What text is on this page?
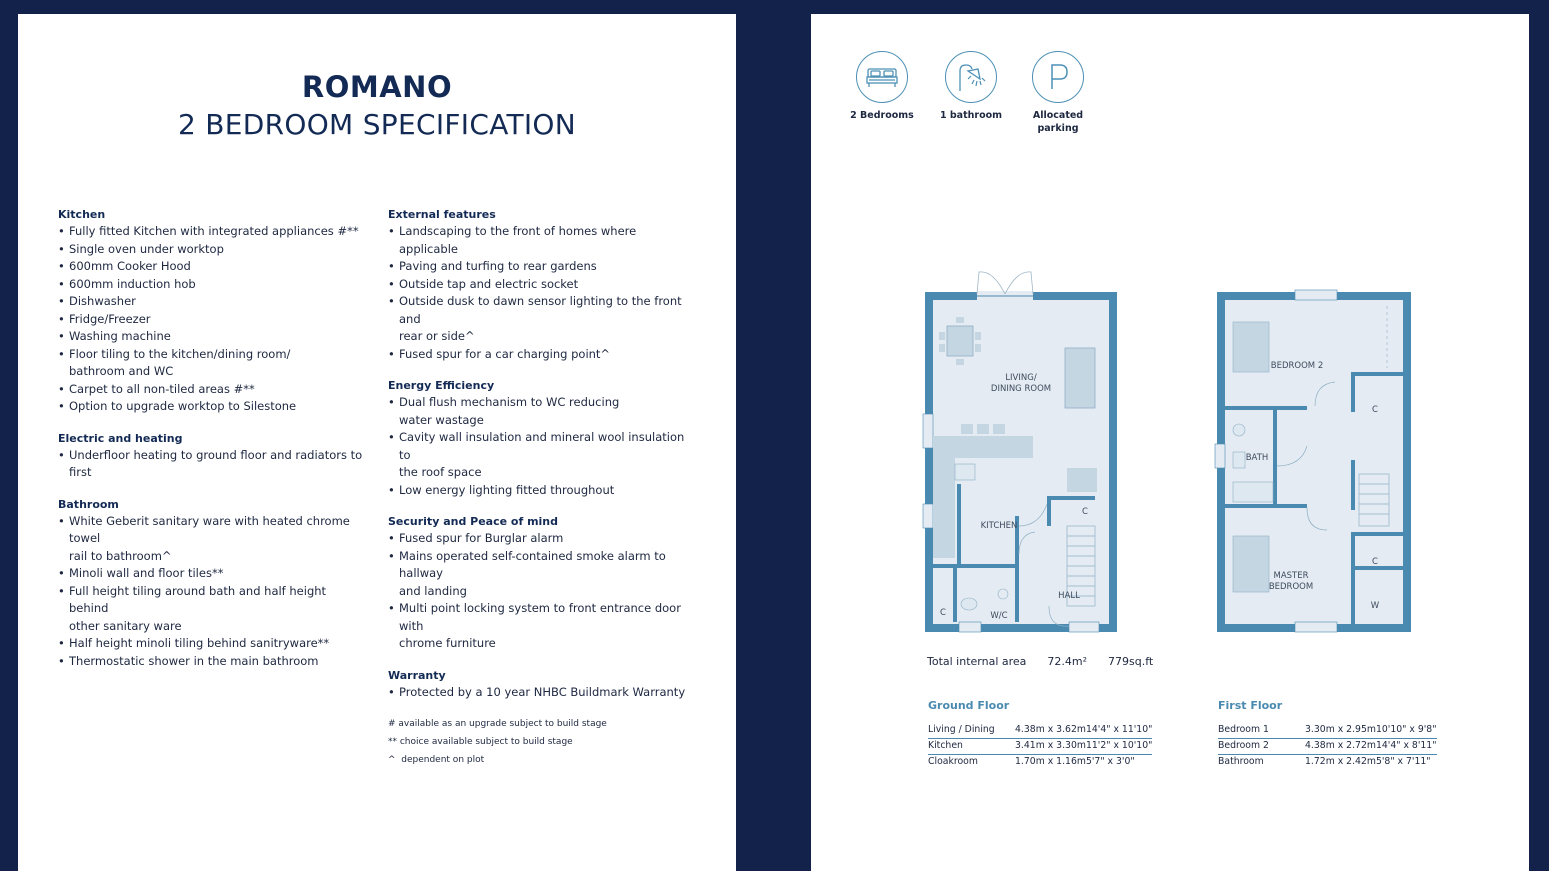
ROMANO
2 BEDROOM SPECIFICATION
Kitchen
• Fully fitted Kitchen with integrated appliances #**
• Single oven under worktop
• 600mm Cooker Hood
• 600mm induction hob
• Dishwasher
• Fridge/Freezer
• Washing machine
• Floor tiling to the kitchen/dining room/
bathroom and WC
• Carpet to all non-tiled areas #**
• Option to upgrade worktop to Silestone
Electric and heating
• Underfloor heating to ground floor and radiators to first
Bathroom
• White Geberit sanitary ware with heated chrome towel
rail to bathroom^
• Minoli wall and floor tiles**
• Full height tiling around bath and half height behind
other sanitary ware
• Half height minoli tiling behind sanitryware**
• Thermostatic shower in the main bathroom
External features
• Landscaping to the front of homes where applicable
• Paving and turfing to rear gardens
• Outside tap and electric socket
• Outside dusk to dawn sensor lighting to the front and
rear or side^
• Fused spur for a car charging point^
Energy Efficiency
• Dual flush mechanism to WC reducing
water wastage
• Cavity wall insulation and mineral wool insulation to
the roof space
• Low energy lighting fitted throughout
Security and Peace of mind
• Fused spur for Burglar alarm
• Mains operated self-contained smoke alarm to hallway
and landing
• Multi point locking system to front entrance door with
chrome furniture
Warranty
• Protected by a 10 year NHBC Buildmark Warranty
# available as an upgrade subject to build stage
** choice available subject to build stage
^  dependent on plot
2 Bedrooms	1 bathroom	Allocated
parking
LIVING/
DINING ROOM
KITCHEN
HALL
W/C
C
C
BEDROOM 2
BATH
MASTER
BEDROOM
C
C
W
Total internal area 72.4m² 779sq.ft
Ground Floor	First Floor
Living / Dining	4.38m x 3.62m	14'4" x 11'10"
Kitchen	3.41m x 3.30m	11'2" x 10'10"
Cloakroom	1.70m x 1.16m	5'7" x 3'0"
Bedroom 1	3.30m x 2.95m	10'10" x 9'8"
Bedroom 2	4.38m x 2.72m	14'4" x 8'11"
Bathroom	1.72m x 2.42m	5'8" x 7'11"
